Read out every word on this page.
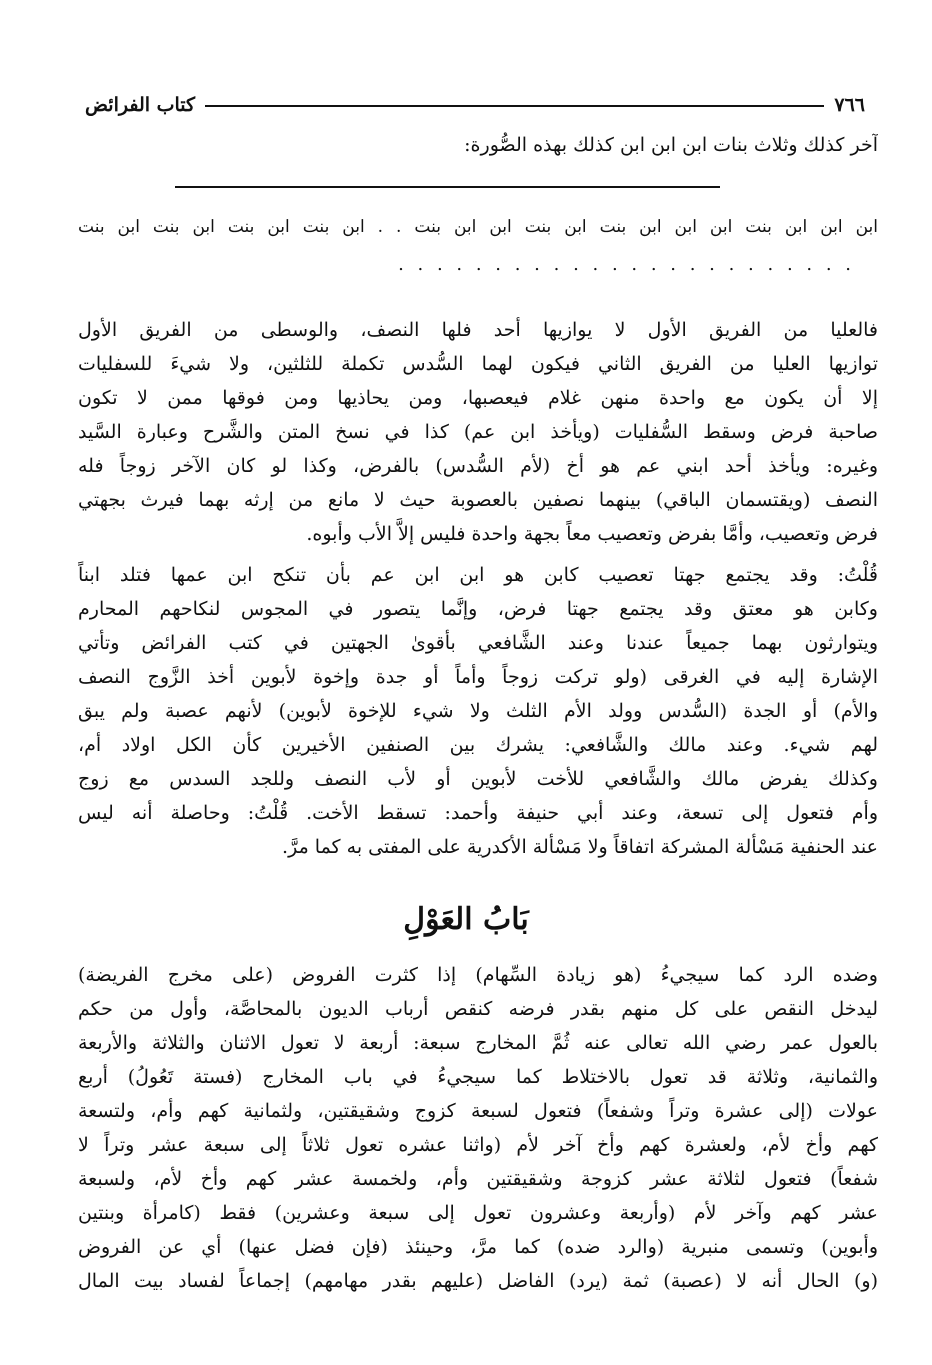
٧٦٦
كتاب الفرائض
آخر كذلك وثلاث بنات ابن ابن ابن كذلك بهذه الصُّورة:
ابن ابن ابن بنت ابن ابن ابن بنت ابن بنت ابن ابن بنت . . ابن بنت ابن بنت ابن بنت ابن بنت
. . . . . . . . . . . . . . . . . . . . . . . .
فالعليا من الفريق الأول لا يوازيها أحد فلها النصف، والوسطى من الفريق الأول
توازيها العليا من الفريق الثاني فيكون لهما السُّدس تكملة للثلثين، ولا شيءَ للسفليات
إلا أن يكون مع واحدة منهن غلام فيعصبها، ومن يحاذيها ومن فوقها ممن لا تكون
صاحبة فرض وسقط السُّفليات (ويأخذ ابن عم) كذا في نسخ المتن والشَّرح وعبارة السَّيد
وغيره: ويأخذ أحد ابني عم هو أخ (لأم السُّدس) بالفرض، وكذا لو كان الآخر زوجاً فله
النصف (ويقتسمان الباقي) بينهما نصفين بالعصوبة حيث لا مانع من إرثه بهما فيرث بجهتي
فرض وتعصيب، وأمَّا بفرض وتعصيب معاً بجهة واحدة فليس إلاَّ الأب وأبوه.
قُلْتُ: وقد يجتمع جهتا تعصيب كابن هو ابن ابن عم بأن تنكح ابن عمها فتلد ابناً
وكابن هو معتق وقد يجتمع جهتا فرض، وإنَّما يتصور في المجوس لنكاحهم المحارم
ويتوارثون بهما جميعاً عندنا وعند الشَّافعي بأقوىٰ الجهتين في كتب الفرائض وتأتي
الإشارة إليه في الغرقى (ولو تركت زوجاً وأماً أو جدة وإخوة لأبوين أخذ الزَّوج النصف
والأم) أو الجدة (السُّدس وولد الأم الثلث ولا شيء للإخوة لأبوين) لأنهم عصبة ولم يبق
لهم شيء. وعند مالك والشَّافعي: يشرك بين الصنفين الأخيرين كأن الكل اولاد أم،
وكذلك يفرض مالك والشَّافعي للأخت لأبوين أو لأب النصف وللجد السدس مع زوج
وأم فتعول إلى تسعة، وعند أبي حنيفة وأحمد: تسقط الأخت. قُلْتُ: وحاصلة أنه ليس
عند الحنفية مَسْألة المشركة اتفاقاً ولا مَسْألة الأكدرية على المفتى به كما مرَّ.
بَابُ العَوْلِ
وضده الرد كما سيجيءُ (هو زيادة السِّهام) إذا كثرت الفروض (على مخرج الفريضة)
ليدخل النقص على كل منهم بقدر فرضه كنقص أرباب الديون بالمحاصَّة، وأول من حكم
بالعول عمر رضي الله تعالى عنه ثُمَّ المخارج سبعة: أربعة لا تعول الاثنان والثلاثة والأربعة
والثمانية، وثلاثة قد تعول بالاختلاط كما سيجيءُ في باب المخارج (فستة تَعُولُ) أربع
عولات (إلى عشرة وتراً وشفعاً) فتعول لسبعة كزوج وشقيقتين، ولثمانية كهم وأم، ولتسعة
كهم وأخ لأم، ولعشرة كهم وأخ آخر لأم (واثنا عشره تعول ثلاثاً إلى سبعة عشر وتراً لا
شفعاً) فتعول لثلاثة عشر كزوجة وشقيقتين وأم، ولخمسة عشر كهم وأخ لأم، ولسبعة
عشر كهم وآخر لأم (وأربعة وعشرون تعول إلى سبعة وعشرين) فقط (كامرأة وبنتين
وأبوين) وتسمى منبرية (والرد ضده) كما مرَّ، وحينئذ (فإن فضل عنها) أي عن الفروض
(و) الحال أنه لا (عصبة) ثمة (يرد) الفاضل (عليهم بقدر مهامهم) إجماعاً لفساد بيت المال
